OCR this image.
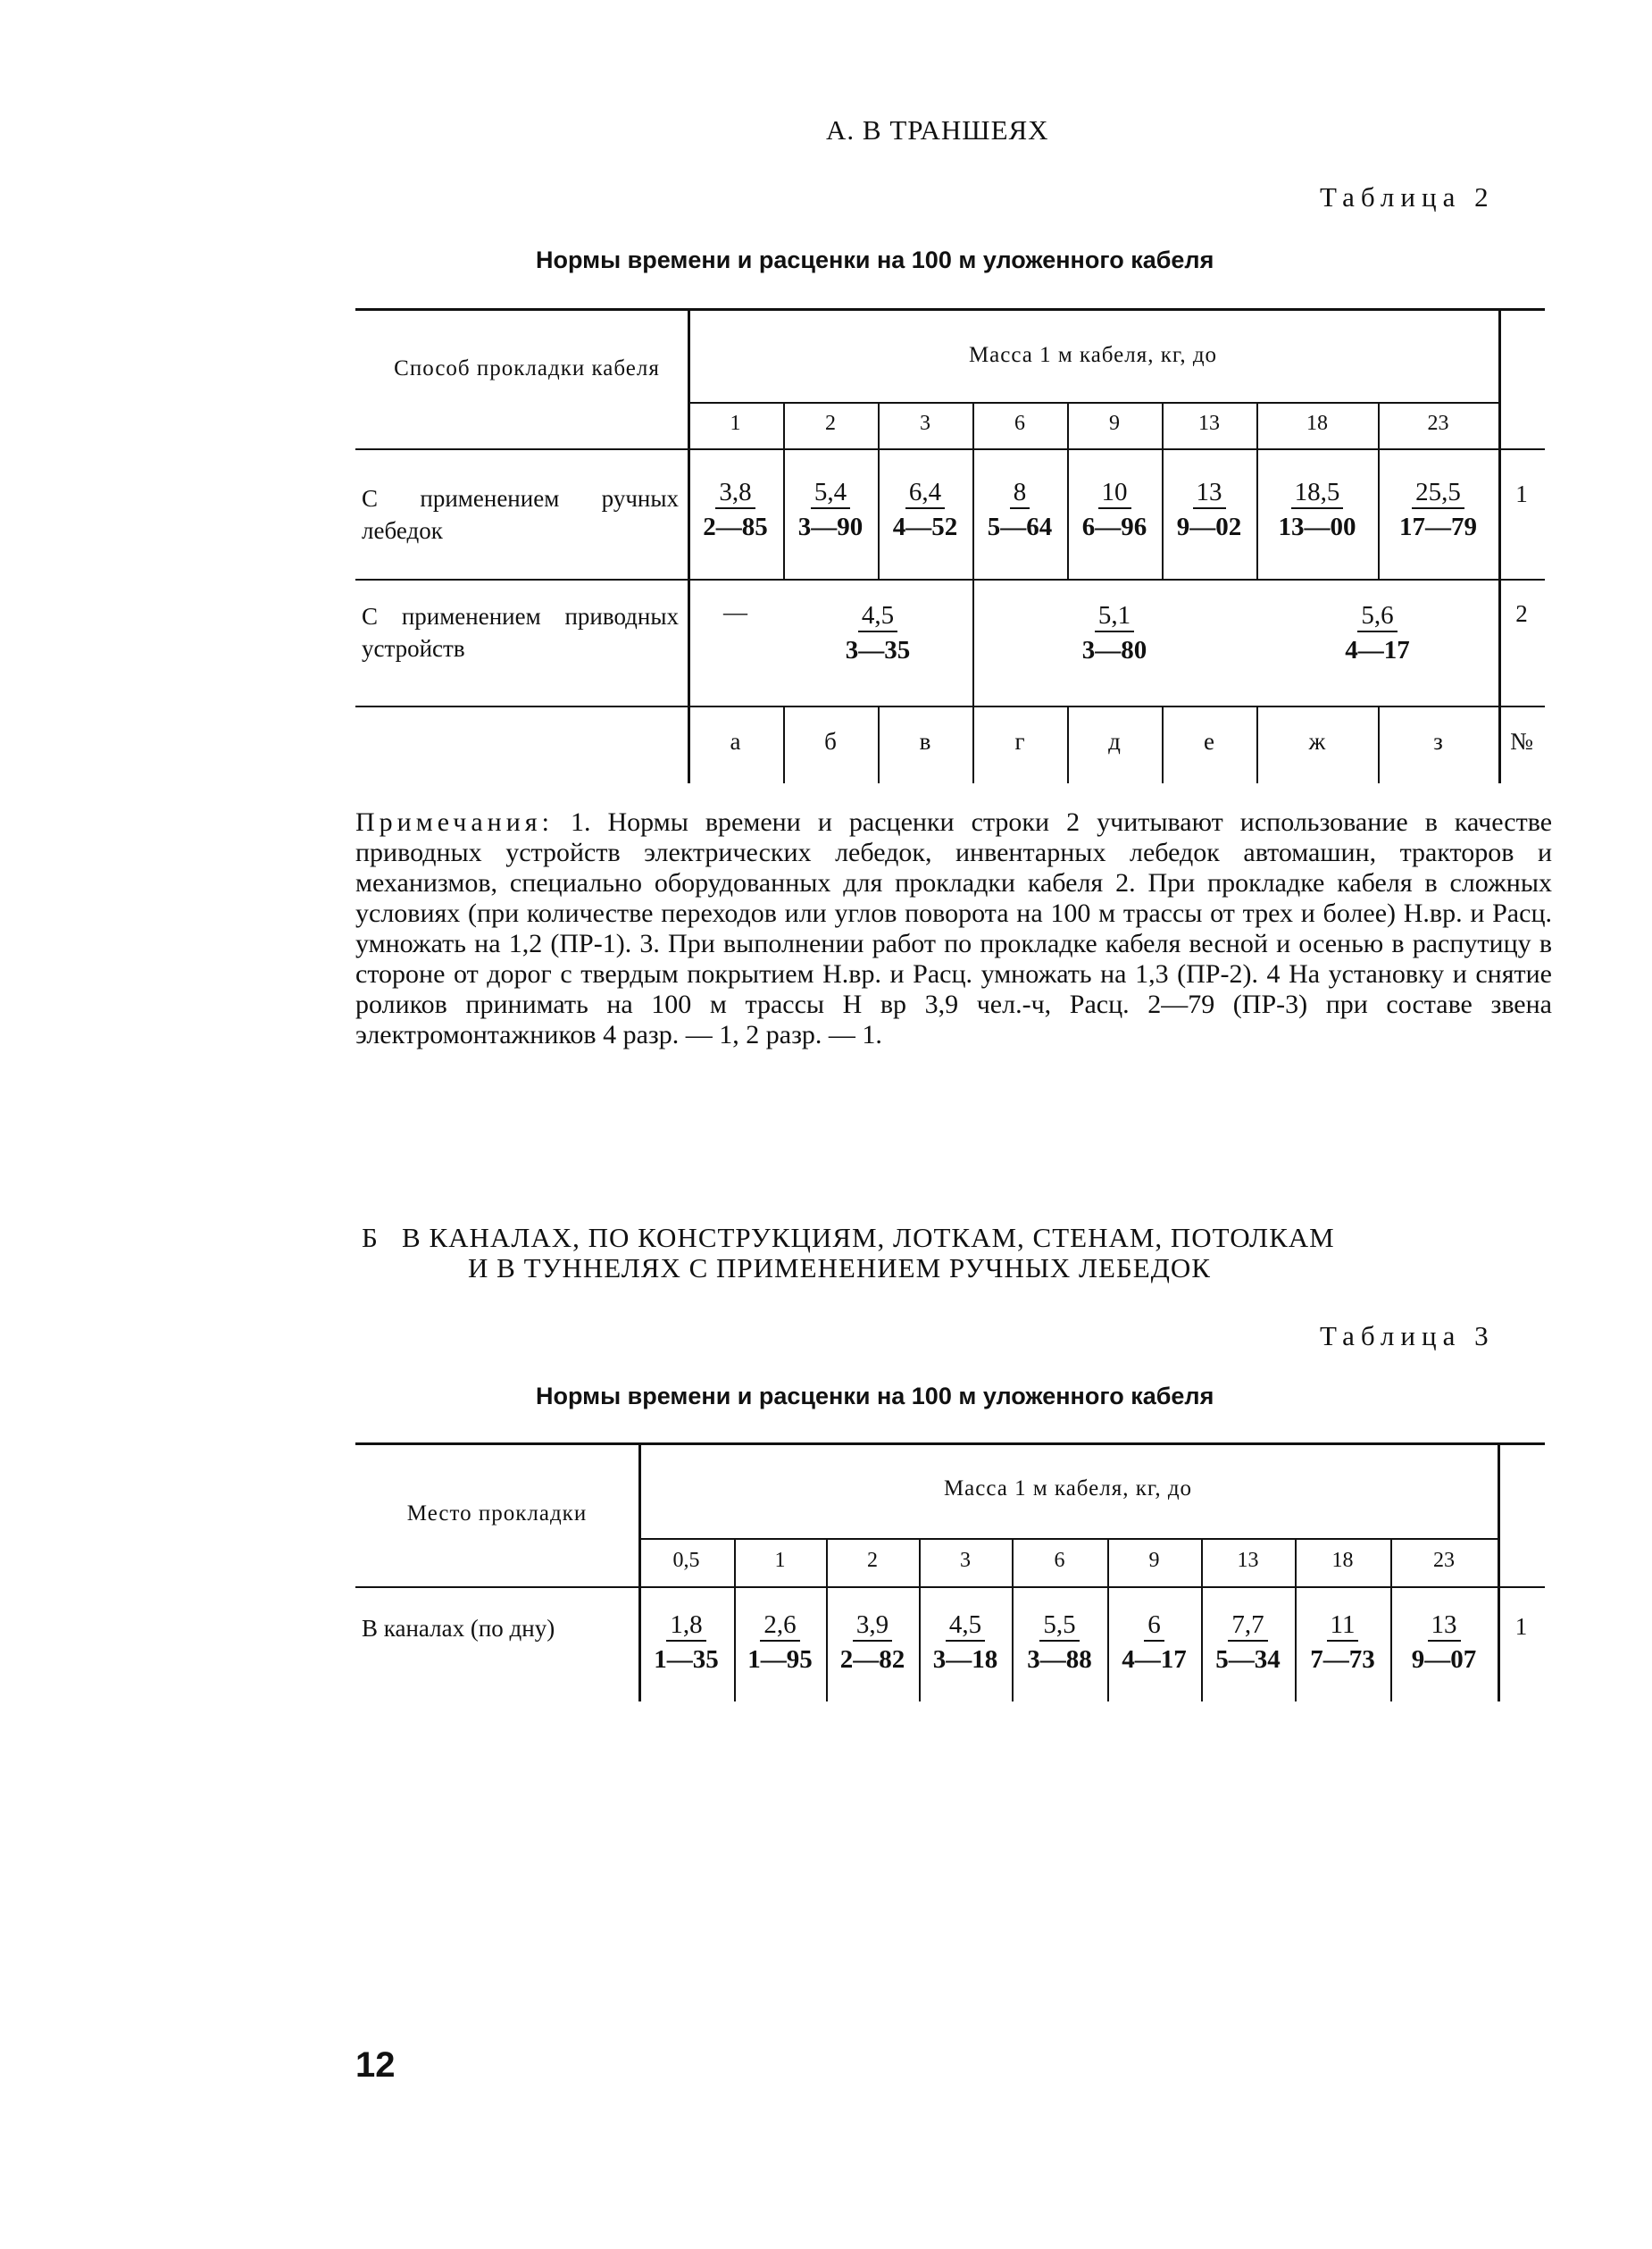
А. В ТРАНШЕЯХ
Таблица 2
Нормы времени и расценки на 100 м уложенного кабеля
Способ прокладки кабеля
Масса 1 м кабеля, кг, до
1	2	3	6	9	13	18	23
С применением ручных лебедок	$\frac{3,8}{2—85} \frac{5,4}{3—90} \frac{6,4}{4—52} \frac{8}{5—64} \frac{10}{6—96} \frac{13}{9—02} \frac{18,5}{13—00} \frac{25,5}{17—79} 1$
С применением приводных устройств
—	$\frac{4,5}{3—35} \frac{5,1}{3—80} \frac{5,6}{4—17} 2$
а	б	в	г	д	е	ж	з	№

Примечания: 1. Нормы времени и расценки строки 2 учитывают использование в качестве приводных устройств электрических лебедок, инвентарных лебедок автомашин, тракторов и механизмов, специально оборудованных для прокладки кабеля 2. При прокладке кабеля в сложных условиях (при количестве переходов или углов поворота на 100 м трассы от трех и более) Н.вр. и Расц. умножать на 1,2 (ПР-1). 3. При выполнении работ по прокладке кабеля весной и осенью в распутицу в стороне от дорог с твердым покрытием Н.вр. и Расц. умножать на 1,3 (ПР-2). 4 На установку и снятие роликов принимать на 100 м трассы Н вр 3,9 чел.-ч, Расц. 2—79 (ПР-3) при составе звена электромонтажников 4 разр. — 1, 2 разр. — 1.

Б   В КАНАЛАХ, ПО КОНСТРУКЦИЯМ, ЛОТКАМ, СТЕНАМ, ПОТОЛКАМ
И В ТУННЕЛЯХ С ПРИМЕНЕНИЕМ РУЧНЫХ ЛЕБЕДОК
Таблица 3
Нормы времени и расценки на 100 м уложенного кабеля
Место прокладки
Масса 1 м кабеля, кг, до
0,5	1	2	3	6	9	13	18	23
В каналах (по дну)	$\frac{1,8}{1—35} \frac{2,6}{1—95} \frac{3,9}{2—82} \frac{4,5}{3—18} \frac{5,5}{3—88} \frac{6}{4—17} \frac{7,7}{5—34} \frac{11}{7—73} \frac{13}{9—07} 1$
12
